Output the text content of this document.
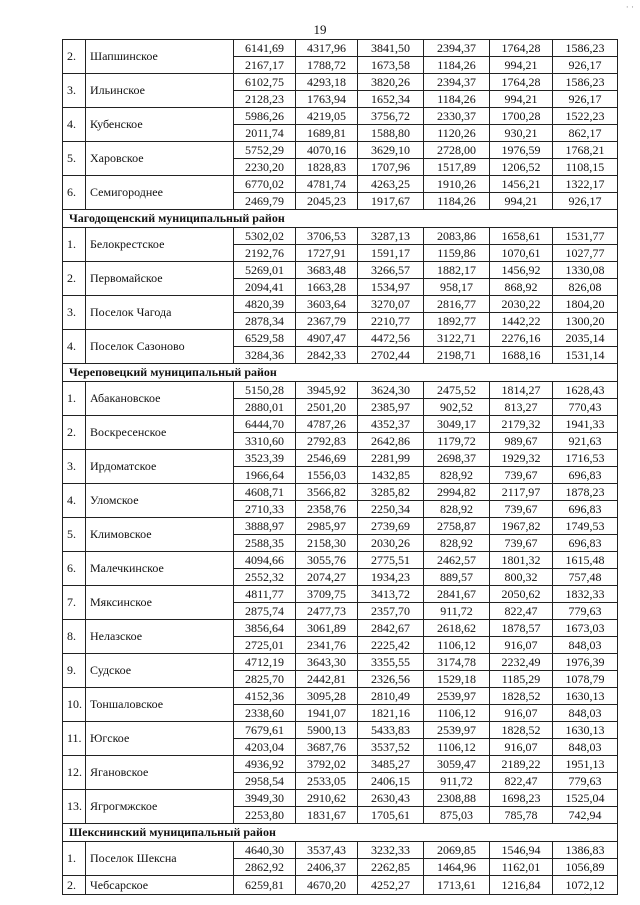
· ·
19
2.	Шапшинское	6141,69	4317,96	3841,50	2394,37	1764,28	1586,23
		2167,17	1788,72	1673,58	1184,26	994,21	926,17
3.	Ильинское	6102,75	4293,18	3820,26	2394,37	1764,28	1586,23
		2128,23	1763,94	1652,34	1184,26	994,21	926,17
4.	Кубенское	5986,26	4219,05	3756,72	2330,37	1700,28	1522,23
		2011,74	1689,81	1588,80	1120,26	930,21	862,17
5.	Харовское	5752,29	4070,16	3629,10	2728,00	1976,59	1768,21
		2230,20	1828,83	1707,96	1517,89	1206,52	1108,15
6.	Семигороднее	6770,02	4781,74	4263,25	1910,26	1456,21	1322,17
		2469,79	2045,23	1917,67	1184,26	994,21	926,17
Чагодощенский муниципальный район							
1.	Белокрестское	5302,02	3706,53	3287,13	2083,86	1658,61	1531,77
		2192,76	1727,91	1591,17	1159,86	1070,61	1027,77
2.	Первомайское	5269,01	3683,48	3266,57	1882,17	1456,92	1330,08
		2094,41	1663,28	1534,97	958,17	868,92	826,08
3.	Поселок Чагода	4820,39	3603,64	3270,07	2816,77	2030,22	1804,20
		2878,34	2367,79	2210,77	1892,77	1442,22	1300,20
4.	Поселок Сазоново	6529,58	4907,47	4472,56	3122,71	2276,16	2035,14
		3284,36	2842,33	2702,44	2198,71	1688,16	1531,14
Череповецкий муниципальный район							
1.	Абакановское	5150,28	3945,92	3624,30	2475,52	1814,27	1628,43
		2880,01	2501,20	2385,97	902,52	813,27	770,43
2.	Воскресенское	6444,70	4787,26	4352,37	3049,17	2179,32	1941,33
		3310,60	2792,83	2642,86	1179,72	989,67	921,63
3.	Ирдоматское	3523,39	2546,69	2281,99	2698,37	1929,32	1716,53
		1966,64	1556,03	1432,85	828,92	739,67	696,83
4.	Уломское	4608,71	3566,82	3285,82	2994,82	2117,97	1878,23
		2710,33	2358,76	2250,34	828,92	739,67	696,83
5.	Климовское	3888,97	2985,97	2739,69	2758,87	1967,82	1749,53
		2588,35	2158,30	2030,26	828,92	739,67	696,83
6.	Малечкинское	4094,66	3055,76	2775,51	2462,57	1801,32	1615,48
		2552,32	2074,27	1934,23	889,57	800,32	757,48
7.	Мяксинское	4811,77	3709,75	3413,72	2841,67	2050,62	1832,33
		2875,74	2477,73	2357,70	911,72	822,47	779,63
8.	Нелазское	3856,64	3061,89	2842,67	2618,62	1878,57	1673,03
		2725,01	2341,76	2225,42	1106,12	916,07	848,03
9.	Судское	4712,19	3643,30	3355,55	3174,78	2232,49	1976,39
		2825,70	2442,81	2326,56	1529,18	1185,29	1078,79
10.	Тоншаловское	4152,36	3095,28	2810,49	2539,97	1828,52	1630,13
		2338,60	1941,07	1821,16	1106,12	916,07	848,03
11.	Югское	7679,61	5900,13	5433,83	2539,97	1828,52	1630,13
		4203,04	3687,76	3537,52	1106,12	916,07	848,03
12.	Ягановское	4936,92	3792,02	3485,27	3059,47	2189,22	1951,13
		2958,54	2533,05	2406,15	911,72	822,47	779,63
13.	Ягрогмжское	3949,30	2910,62	2630,43	2308,88	1698,23	1525,04
		2253,80	1831,67	1705,61	875,03	785,78	742,94
Шекснинский муниципальный район							
1.	Поселок Шексна	4640,30	3537,43	3232,33	2069,85	1546,94	1386,83
		2862,92	2406,37	2262,85	1464,96	1162,01	1056,89
2.	Чебсарское	6259,81	4670,20	4252,27	1713,61	1216,84	1072,12
· ·
